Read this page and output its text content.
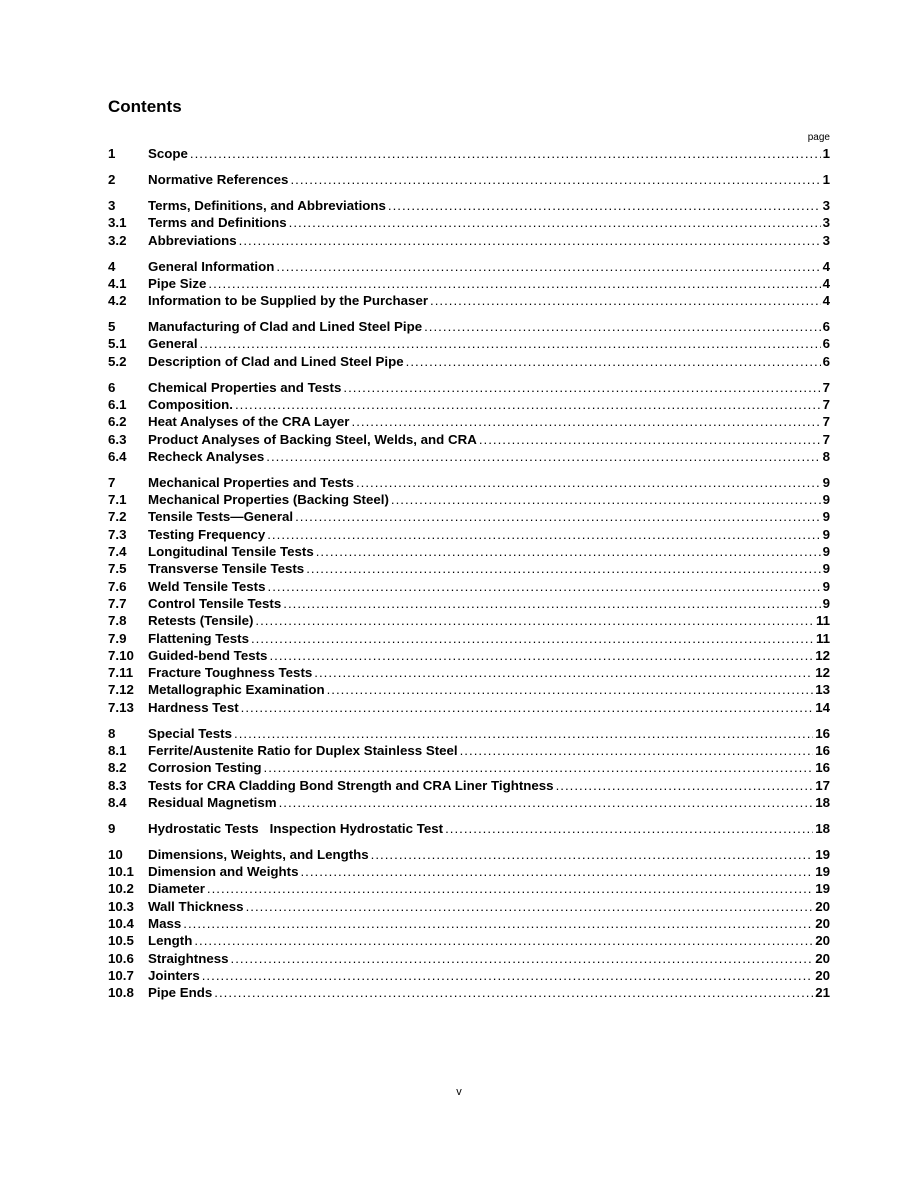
Contents
page
1	Scope .....	1
2	Normative References .....	1
3	Terms, Definitions, and Abbreviations .....	3
3.1	Terms and Definitions .....	3
3.2	Abbreviations .....	3
4	General Information .....	4
4.1	Pipe Size .....	4
4.2	Information to be Supplied by the Purchaser .....	4
5	Manufacturing of Clad and Lined Steel Pipe .....	6
5.1	General .....	6
5.2	Description of Clad and Lined Steel Pipe .....	6
6	Chemical Properties and Tests .....	7
6.1	Composition. .....	7
6.2	Heat Analyses of the CRA Layer .....	7
6.3	Product Analyses of Backing Steel, Welds, and CRA .....	7
6.4	Recheck Analyses .....	8
7	Mechanical Properties and Tests .....	9
7.1	Mechanical Properties (Backing Steel) .....	9
7.2	Tensile Tests—General .....	9
7.3	Testing Frequency .....	9
7.4	Longitudinal Tensile Tests .....	9
7.5	Transverse Tensile Tests .....	9
7.6	Weld Tensile Tests .....	9
7.7	Control Tensile Tests .....	9
7.8	Retests (Tensile) .....	11
7.9	Flattening Tests .....	11
7.10	Guided-bend Tests .....	12
7.11	Fracture Toughness Tests .....	12
7.12	Metallographic Examination .....	13
7.13	Hardness Test .....	14
8	Special Tests .....	16
8.1	Ferrite/Austenite Ratio for Duplex Stainless Steel .....	16
8.2	Corrosion Testing .....	16
8.3	Tests for CRA Cladding Bond Strength and CRA Liner Tightness .....	17
8.4	Residual Magnetism .....	18
9	Hydrostatic Tests   Inspection Hydrostatic Test .....	18
10	Dimensions, Weights, and Lengths .....	19
10.1	Dimension and Weights .....	19
10.2	Diameter .....	19
10.3	Wall Thickness .....	20
10.4	Mass .....	20
10.5	Length .....	20
10.6	Straightness .....	20
10.7	Jointers .....	20
10.8	Pipe Ends .....	21
v
